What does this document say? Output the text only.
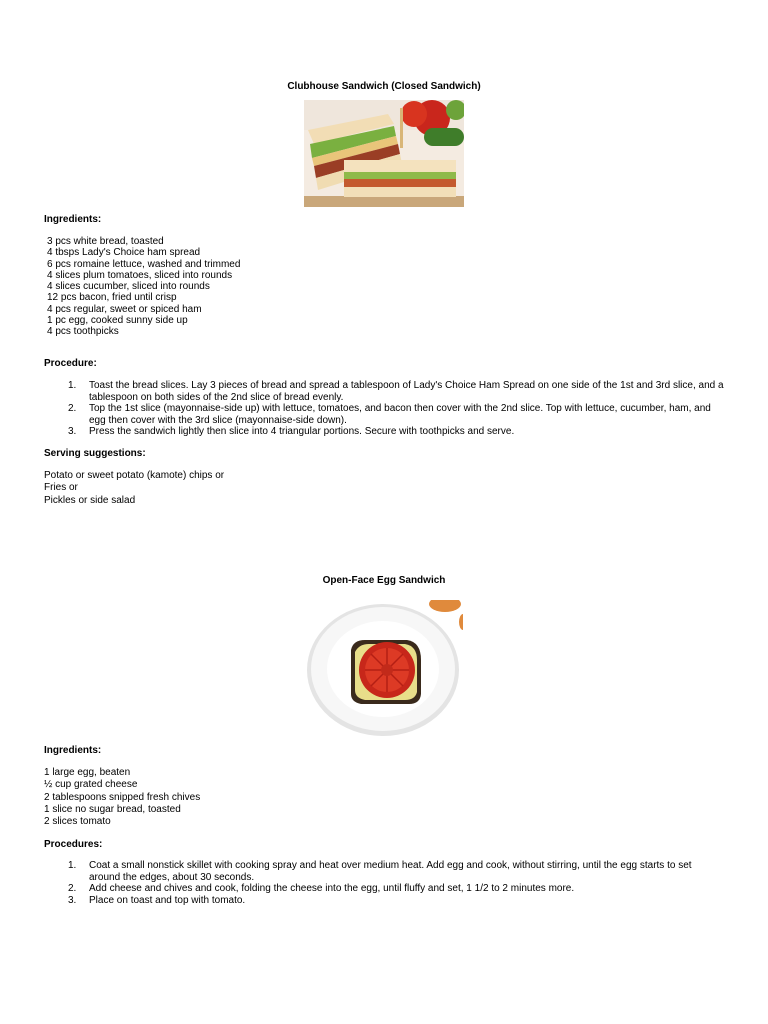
Clubhouse Sandwich (Closed Sandwich)
Ingredients:
3 pcs white bread, toasted
4 tbsps Lady's Choice ham spread
6 pcs romaine lettuce, washed and trimmed
4 slices plum tomatoes, sliced into rounds
4 slices cucumber, sliced into rounds
12 pcs bacon, fried until crisp
4 pcs regular, sweet or spiced ham
1 pc egg, cooked sunny side up
4 pcs toothpicks
Procedure:
1. Toast the bread slices. Lay 3 pieces of bread and spread a tablespoon of Lady's Choice Ham Spread on one side of the 1st and 3rd slice, and a tablespoon on both sides of the 2nd slice of bread evenly.
2. Top the 1st slice (mayonnaise-side up) with lettuce, tomatoes, and bacon then cover with the 2nd slice. Top with lettuce, cucumber, ham, and egg then cover with the 3rd slice (mayonnaise-side down).
3. Press the sandwich lightly then slice into 4 triangular portions. Secure with toothpicks and serve.
Serving suggestions:
Potato or sweet potato (kamote) chips or
Fries or
Pickles or side salad
Open-Face Egg Sandwich
Ingredients:
1 large egg, beaten
½ cup grated cheese
2 tablespoons snipped fresh chives
1 slice no sugar bread, toasted
2 slices tomato
Procedures:
1. Coat a small nonstick skillet with cooking spray and heat over medium heat. Add egg and cook, without stirring, until the egg starts to set around the edges, about 30 seconds.
2. Add cheese and chives and cook, folding the cheese into the egg, until fluffy and set, 1 1/2 to 2 minutes more.
3. Place on toast and top with tomato.
